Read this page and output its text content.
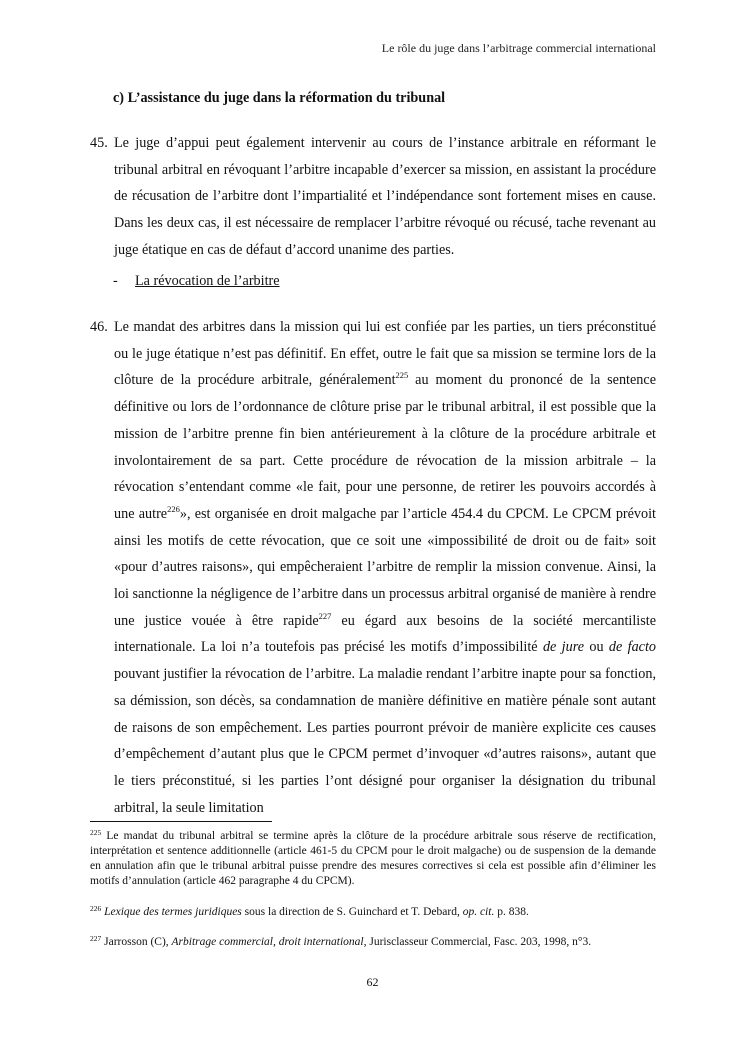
Le rôle du juge dans l’arbitrage commercial international
c) L’assistance du juge dans la réformation du tribunal
45. Le juge d’appui peut également intervenir au cours de l’instance arbitrale en réformant le tribunal arbitral en révoquant l’arbitre incapable d’exercer sa mission, en assistant la procédure de récusation de l’arbitre dont l’impartialité et l’indépendance sont fortement mises en cause. Dans les deux cas, il est nécessaire de remplacer l’arbitre révoqué ou récusé, tache revenant au juge étatique en cas de défaut d’accord unanime des parties.
- La révocation de l’arbitre
46. Le mandat des arbitres dans la mission qui lui est confiée par les parties, un tiers préconstitué ou le juge étatique n’est pas définitif. En effet, outre le fait que sa mission se termine lors de la clôture de la procédure arbitrale, généralement$^{225}$ au moment du prononcé de la sentence définitive ou lors de l’ordonnance de clôture prise par le tribunal arbitral, il est possible que la mission de l’arbitre prenne fin bien antérieurement à la clôture de la procédure arbitrale et involontairement de sa part. Cette procédure de révocation de la mission arbitrale – la révocation s’entendant comme «le fait, pour une personne, de retirer les pouvoirs accordés à une autre$^{226}$», est organisée en droit malgache par l’article 454.4 du CPCM. Le CPCM prévoit ainsi les motifs de cette révocation, que ce soit une «impossibilité de droit ou de fait» soit «pour d’autres raisons», qui empêcheraient l’arbitre de remplir la mission convenue. Ainsi, la loi sanctionne la négligence de l’arbitre dans un processus arbitral organisé de manière à rendre une justice vouée à être rapide$^{227}$ eu égard aux besoins de la société mercantiliste internationale. La loi n’a toutefois pas précisé les motifs d’impossibilité de jure ou de facto pouvant justifier la révocation de l’arbitre. La maladie rendant l’arbitre inapte pour sa fonction, sa démission, son décès, sa condamnation de manière définitive en matière pénale sont autant de raisons de son empêchement. Les parties pourront prévoir de manière explicite ces causes d’empêchement d’autant plus que le CPCM permet d’invoquer «d’autres raisons», autant que le tiers préconstitué, si les parties l’ont désigné pour organiser la désignation du tribunal arbitral, la seule limitation
$^{225}$ Le mandat du tribunal arbitral se termine après la clôture de la procédure arbitrale sous réserve de rectification, interprétation et sentence additionnelle (article 461-5 du CPCM pour le droit malgache) ou de suspension de la demande en annulation afin que le tribunal arbitral puisse prendre des mesures correctives si cela est possible afin d’éliminer les motifs d’annulation (article 462 paragraphe 4 du CPCM).
$^{226}$ Lexique des termes juridiques sous la direction de S. Guinchard et T. Debard, op. cit. p. 838.
$^{227}$ Jarrosson (C), Arbitrage commercial, droit international, Jurisclasseur Commercial, Fasc. 203, 1998, n°3.
62
